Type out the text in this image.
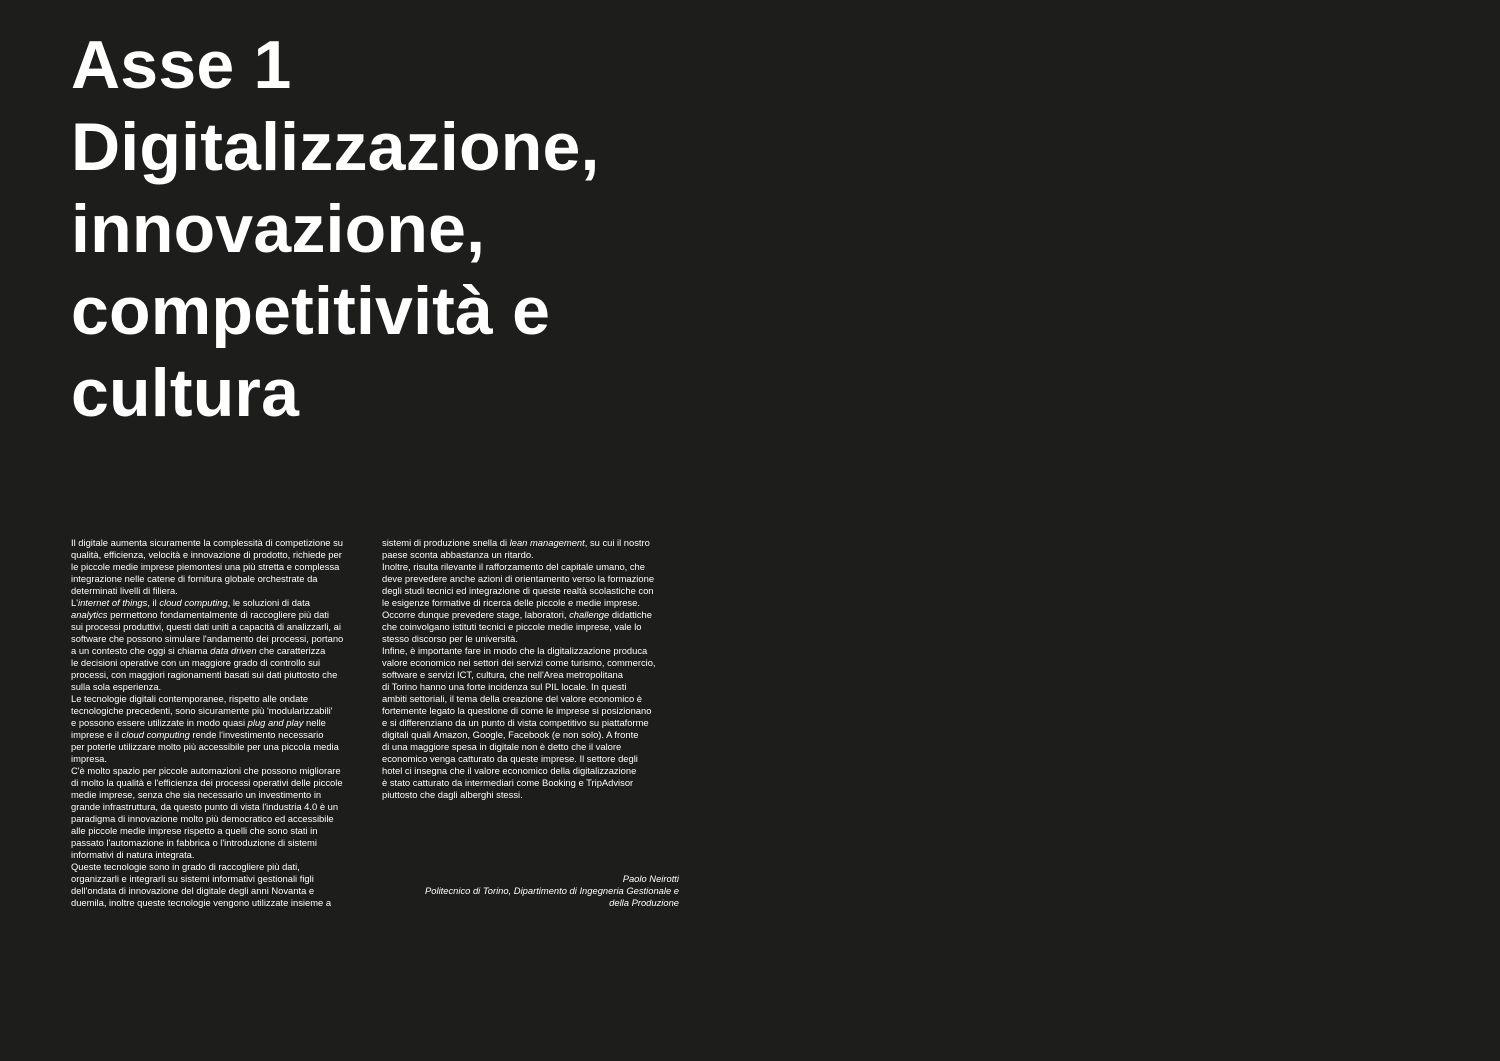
Asse 1
Digitalizzazione,
innovazione,
competitività e
cultura
Il digitale aumenta sicuramente la complessità di competizione su
qualità, efficienza, velocità e innovazione di prodotto, richiede per
le piccole medie imprese piemontesi una più stretta e complessa
integrazione nelle catene di fornitura globale orchestrate da
determinati livelli di filiera.
L'internet of things, il cloud computing, le soluzioni di data
analytics permettono fondamentalmente di raccogliere più dati
sui processi produttivi, questi dati uniti a capacità di analizzarli, ai
software che possono simulare l'andamento dei processi, portano
a un contesto che oggi si chiama data driven che caratterizza
le decisioni operative con un maggiore grado di controllo sui
processi, con maggiori ragionamenti basati sui dati piuttosto che
sulla sola esperienza.
Le tecnologie digitali contemporanee, rispetto alle ondate
tecnologiche precedenti, sono sicuramente più 'modularizzabili'
e possono essere utilizzate in modo quasi plug and play nelle
imprese e il cloud computing rende l'investimento necessario
per poterle utilizzare molto più accessibile per una piccola media
impresa.
C'è molto spazio per piccole automazioni che possono migliorare
di molto la qualità e l'efficienza dei processi operativi delle piccole
medie imprese, senza che sia necessario un investimento in
grande infrastruttura, da questo punto di vista l'industria 4.0 è un
paradigma di innovazione molto più democratico ed accessibile
alle piccole medie imprese rispetto a quelli che sono stati in
passato l'automazione in fabbrica o l'introduzione di sistemi
informativi di natura integrata.
Queste tecnologie sono in grado di raccogliere più dati,
organizzarli e integrarli su sistemi informativi gestionali figli
dell'ondata di innovazione del digitale degli anni Novanta e
duemila, inoltre queste tecnologie vengono utilizzate insieme a
sistemi di produzione snella di lean management, su cui il nostro
paese sconta abbastanza un ritardo.
Inoltre, risulta rilevante il rafforzamento del capitale umano, che
deve prevedere anche azioni di orientamento verso la formazione
degli studi tecnici ed integrazione di queste realtà scolastiche con
le esigenze formative di ricerca delle piccole e medie imprese.
Occorre dunque prevedere stage, laboratori, challenge didattiche
che coinvolgano istituti tecnici e piccole medie imprese, vale lo
stesso discorso per le università.
Infine, è importante fare in modo che la digitalizzazione produca
valore economico nei settori dei servizi come turismo, commercio,
software e servizi ICT, cultura, che nell'Area metropolitana
di Torino hanno una forte incidenza sul PIL locale. In questi
ambiti settoriali, il tema della creazione del valore economico è
fortemente legato la questione di come le imprese si posizionano
e si differenziano da un punto di vista competitivo su piattaforme
digitali quali Amazon, Google, Facebook (e non solo). A fronte
di una maggiore spesa in digitale non è detto che il valore
economico venga catturato da queste imprese. Il settore degli
hotel ci insegna che il valore economico della digitalizzazione
è stato catturato da intermediari come Booking e TripAdvisor
piuttosto che dagli alberghi stessi.
Paolo Neirotti
Politecnico di Torino, Dipartimento di Ingegneria Gestionale e
della Produzione
